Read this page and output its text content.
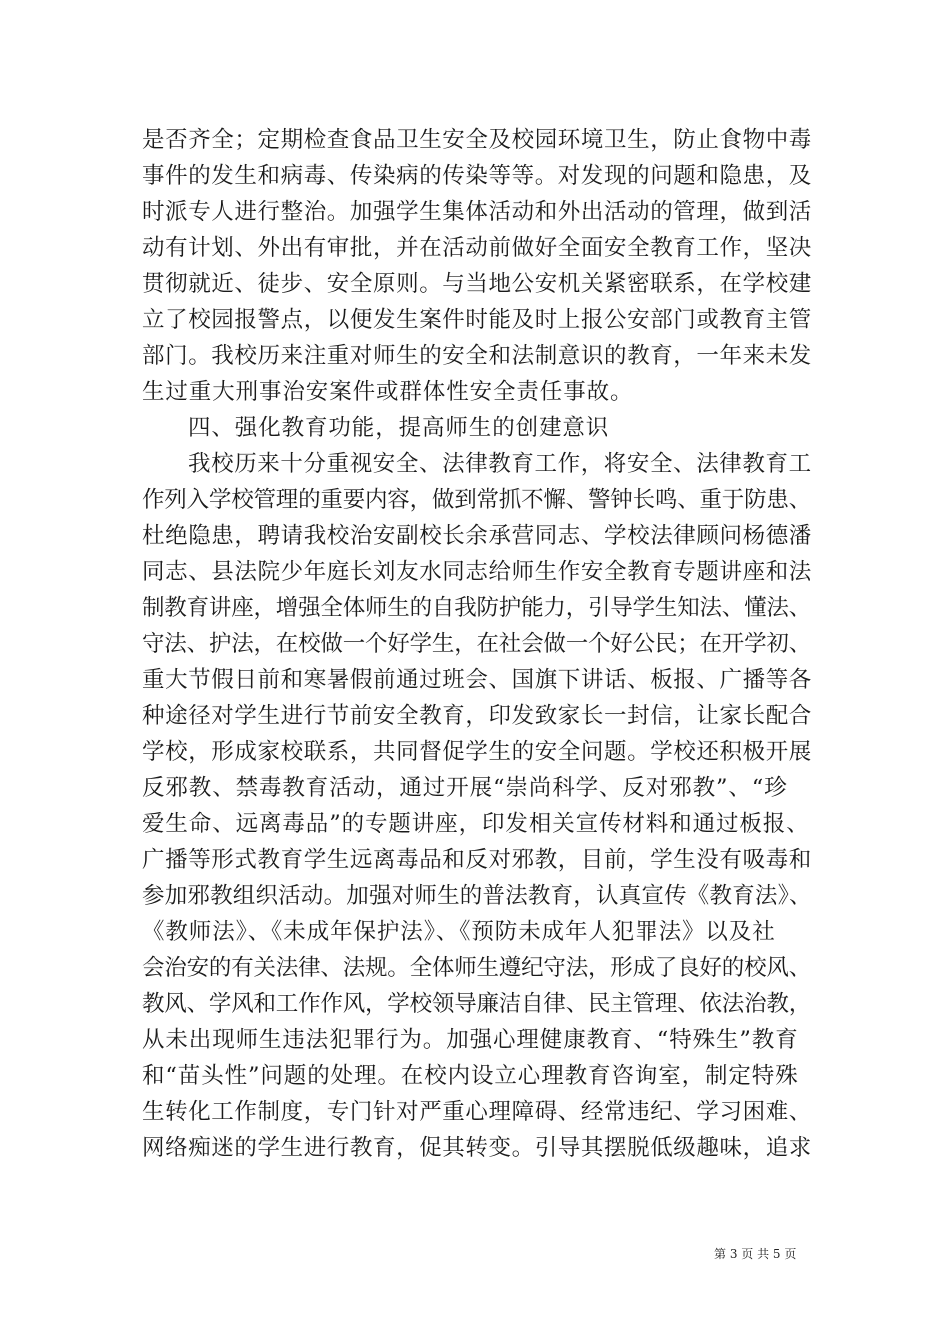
是否齐全；定期检查食品卫生安全及校园环境卫生，防止食物中毒
事件的发生和病毒、传染病的传染等等。对发现的问题和隐患，及
时派专人进行整治。加强学生集体活动和外出活动的管理，做到活
动有计划、外出有审批，并在活动前做好全面安全教育工作，坚决
贯彻就近、徒步、安全原则。与当地公安机关紧密联系，在学校建
立了校园报警点，以便发生案件时能及时上报公安部门或教育主管
部门。我校历来注重对师生的安全和法制意识的教育，一年来未发
生过重大刑事治安案件或群体性安全责任事故。
四、强化教育功能，提高师生的创建意识
我校历来十分重视安全、法律教育工作，将安全、法律教育工
作列入学校管理的重要内容，做到常抓不懈、警钟长鸣、重于防患、
杜绝隐患，聘请我校治安副校长余承营同志、学校法律顾问杨德潘
同志、县法院少年庭长刘友水同志给师生作安全教育专题讲座和法
制教育讲座，增强全体师生的自我防护能力，引导学生知法、懂法、
守法、护法，在校做一个好学生，在社会做一个好公民；在开学初、
重大节假日前和寒暑假前通过班会、国旗下讲话、板报、广播等各
种途径对学生进行节前安全教育，印发致家长一封信，让家长配合
学校，形成家校联系，共同督促学生的安全问题。学校还积极开展
反邪教、禁毒教育活动，通过开展“崇尚科学、反对邪教”、“珍
爱生命、远离毒品”的专题讲座，印发相关宣传材料和通过板报、
广播等形式教育学生远离毒品和反对邪教，目前，学生没有吸毒和
参加邪教组织活动。加强对师生的普法教育，认真宣传《教育法》、
《教师法》、《未成年保护法》、《预防未成年人犯罪法》以及社
会治安的有关法律、法规。全体师生遵纪守法，形成了良好的校风、
教风、学风和工作作风，学校领导廉洁自律、民主管理、依法治教，
从未出现师生违法犯罪行为。加强心理健康教育、“特殊生”教育
和“苗头性”问题的处理。在校内设立心理教育咨询室，制定特殊
生转化工作制度，专门针对严重心理障碍、经常违纪、学习困难、
网络痴迷的学生进行教育，促其转变。引导其摆脱低级趣味，追求
第 3 页 共 5 页
